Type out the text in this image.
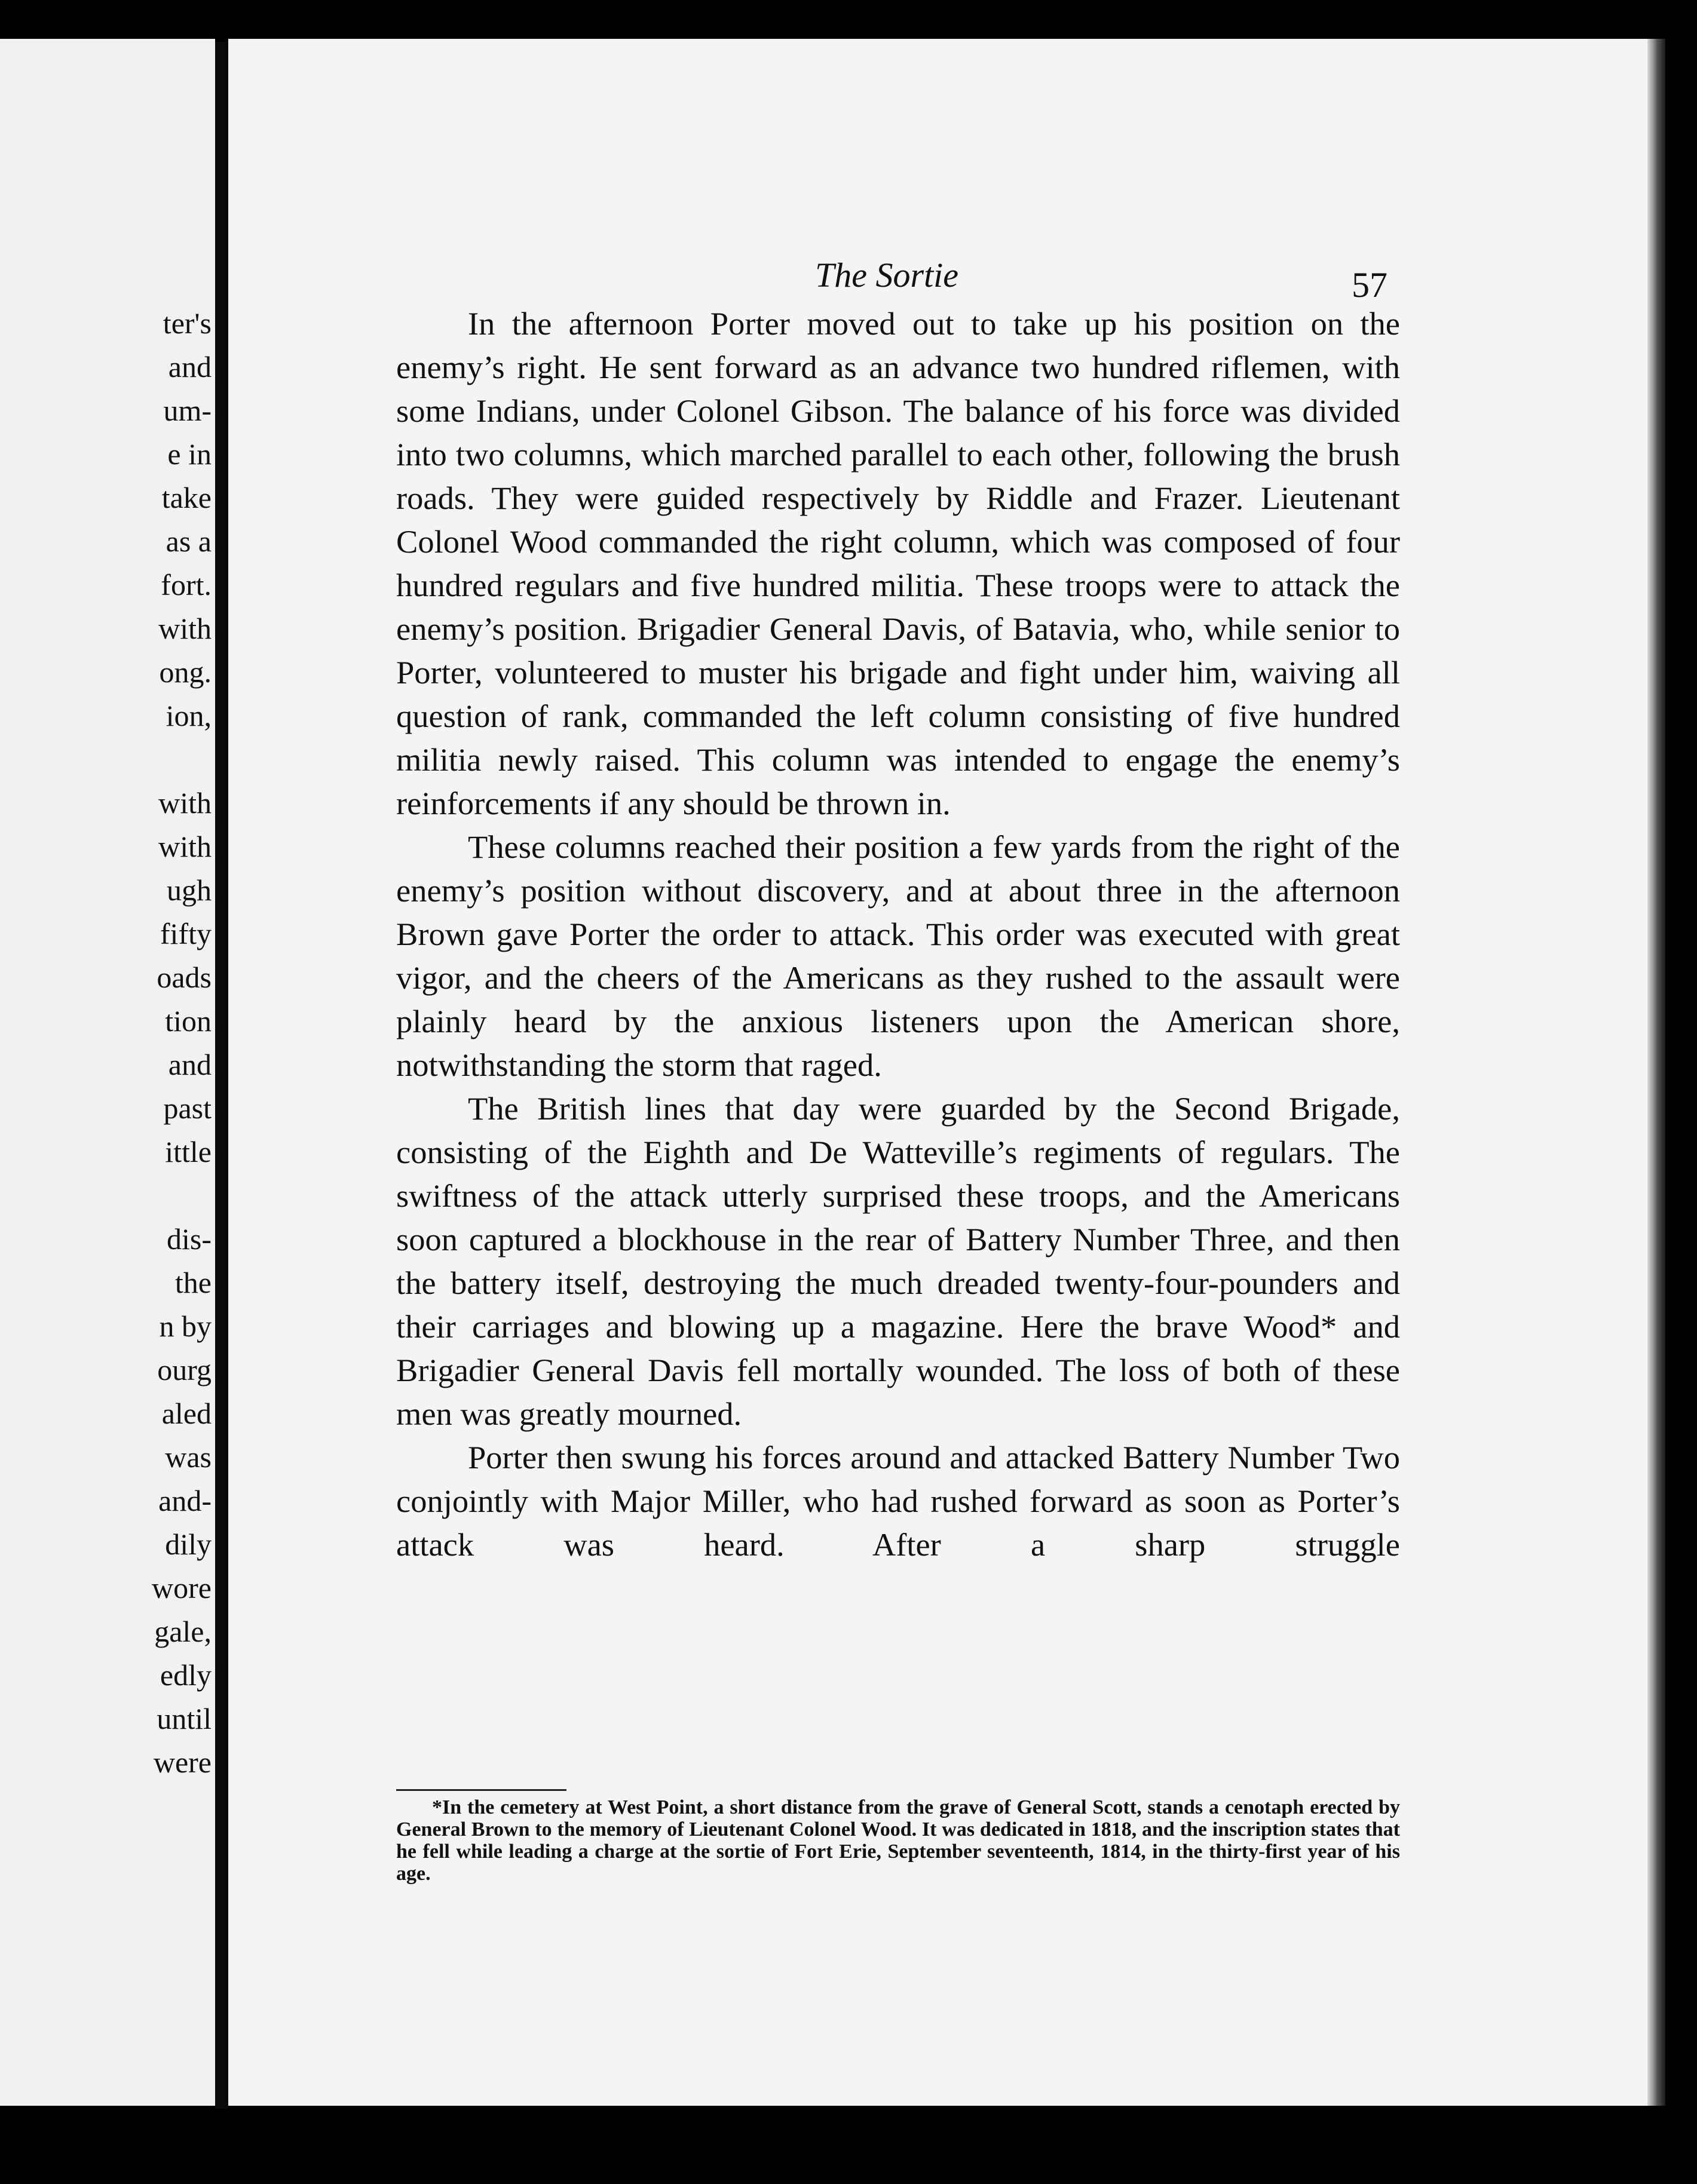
ter's
and
um-
e in
take
as a
fort.
with
ong.
ion,
with
with
ugh
fifty
oads
tion
and
past
ittle
dis-
the
n by
ourg
aled
was
and-
dily
wore
gale,
edly
until
were
The Sortie	57

In the afternoon Porter moved out to take up his position on the enemy’s right. He sent forward as an advance two hundred riflemen, with some Indians, under Colonel Gibson. The balance of his force was divided into two columns, which marched parallel to each other, following the brush roads. They were guided respectively by Riddle and Frazer. Lieutenant Colonel Wood commanded the right column, which was composed of four hundred regulars and five hundred militia. These troops were to attack the enemy’s position. Brigadier General Davis, of Batavia, who, while senior to Porter, volunteered to muster his brigade and fight under him, waiving all question of rank, commanded the left column consisting of five hundred militia newly raised. This column was intended to engage the enemy’s reinforcements if any should be thrown in.

These columns reached their position a few yards from the right of the enemy’s position without discovery, and at about three in the afternoon Brown gave Porter the order to attack. This order was executed with great vigor, and the cheers of the Americans as they rushed to the assault were plainly heard by the anxious listeners upon the American shore, notwithstanding the storm that raged.

The British lines that day were guarded by the Second Brigade, consisting of the Eighth and De Watteville’s regiments of regulars. The swiftness of the attack utterly surprised these troops, and the Americans soon captured a blockhouse in the rear of Battery Number Three, and then the battery itself, destroying the much dreaded twenty-four-pounders and their carriages and blowing up a magazine. Here the brave Wood* and Brigadier General Davis fell mortally wounded. The loss of both of these men was greatly mourned.

Porter then swung his forces around and attacked Battery Number Two conjointly with Major Miller, who had rushed forward as soon as Porter’s attack was heard. After a sharp struggle

*In the cemetery at West Point, a short distance from the grave of General Scott, stands a cenotaph erected by General Brown to the memory of Lieutenant Colonel Wood. It was dedicated in 1818, and the inscription states that he fell while leading a charge at the sortie of Fort Erie, September seventeenth, 1814, in the thirty-first year of his age.
